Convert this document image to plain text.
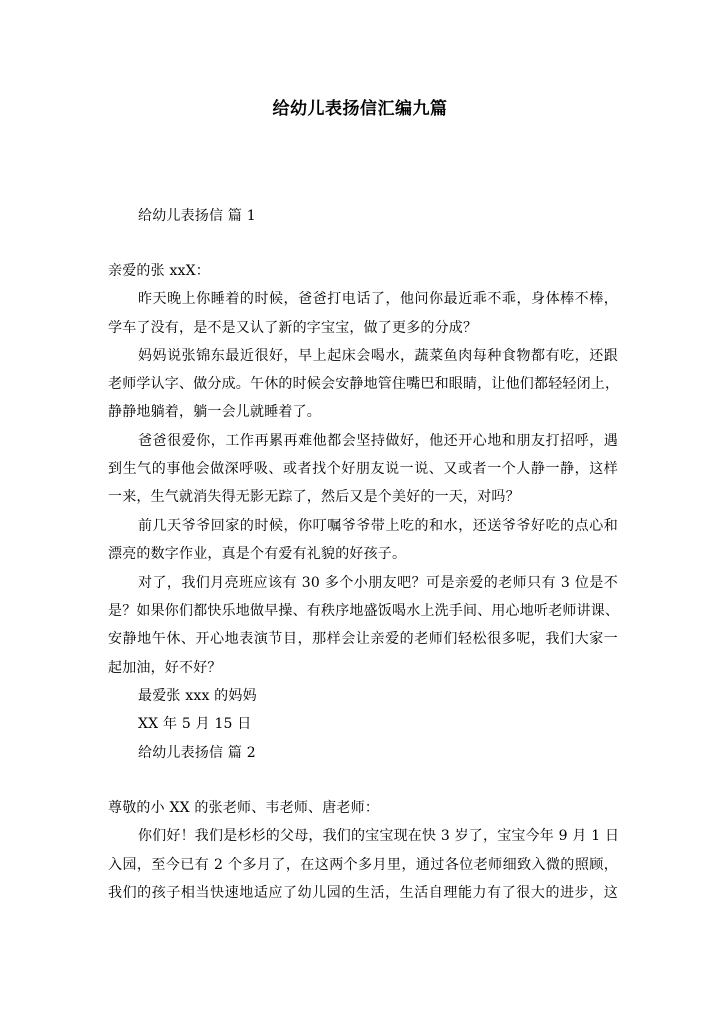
给幼儿表扬信汇编九篇
给幼儿表扬信 篇 1
亲爱的张 xxX：
昨天晚上你睡着的时候，爸爸打电话了，他问你最近乖不乖，身体棒不棒，
学车了没有，是不是又认了新的字宝宝，做了更多的分成？
妈妈说张锦东最近很好，早上起床会喝水，蔬菜鱼肉每种食物都有吃，还跟
老师学认字、做分成。午休的时候会安静地管住嘴巴和眼睛，让他们都轻轻闭上，
静静地躺着，躺一会儿就睡着了。
爸爸很爱你，工作再累再难他都会坚持做好，他还开心地和朋友打招呼，遇
到生气的事他会做深呼吸、或者找个好朋友说一说、又或者一个人静一静，这样
一来，生气就消失得无影无踪了，然后又是个美好的一天，对吗？
前几天爷爷回家的时候，你叮嘱爷爷带上吃的和水，还送爷爷好吃的点心和
漂亮的数字作业，真是个有爱有礼貌的好孩子。
对了，我们月亮班应该有 30 多个小朋友吧？可是亲爱的老师只有 3 位是不
是？如果你们都快乐地做早操、有秩序地盛饭喝水上洗手间、用心地听老师讲课、
安静地午休、开心地表演节目，那样会让亲爱的老师们轻松很多呢，我们大家一
起加油，好不好？
最爱张 xxx 的妈妈
XX 年 5 月 15 日
给幼儿表扬信 篇 2
尊敬的小 XX 的张老师、韦老师、唐老师：
你们好！我们是杉杉的父母，我们的宝宝现在快 3 岁了，宝宝今年 9 月 1 日
入园，至今已有 2 个多月了，在这两个多月里，通过各位老师细致入微的照顾，
我们的孩子相当快速地适应了幼儿园的生活，生活自理能力有了很大的进步，这
